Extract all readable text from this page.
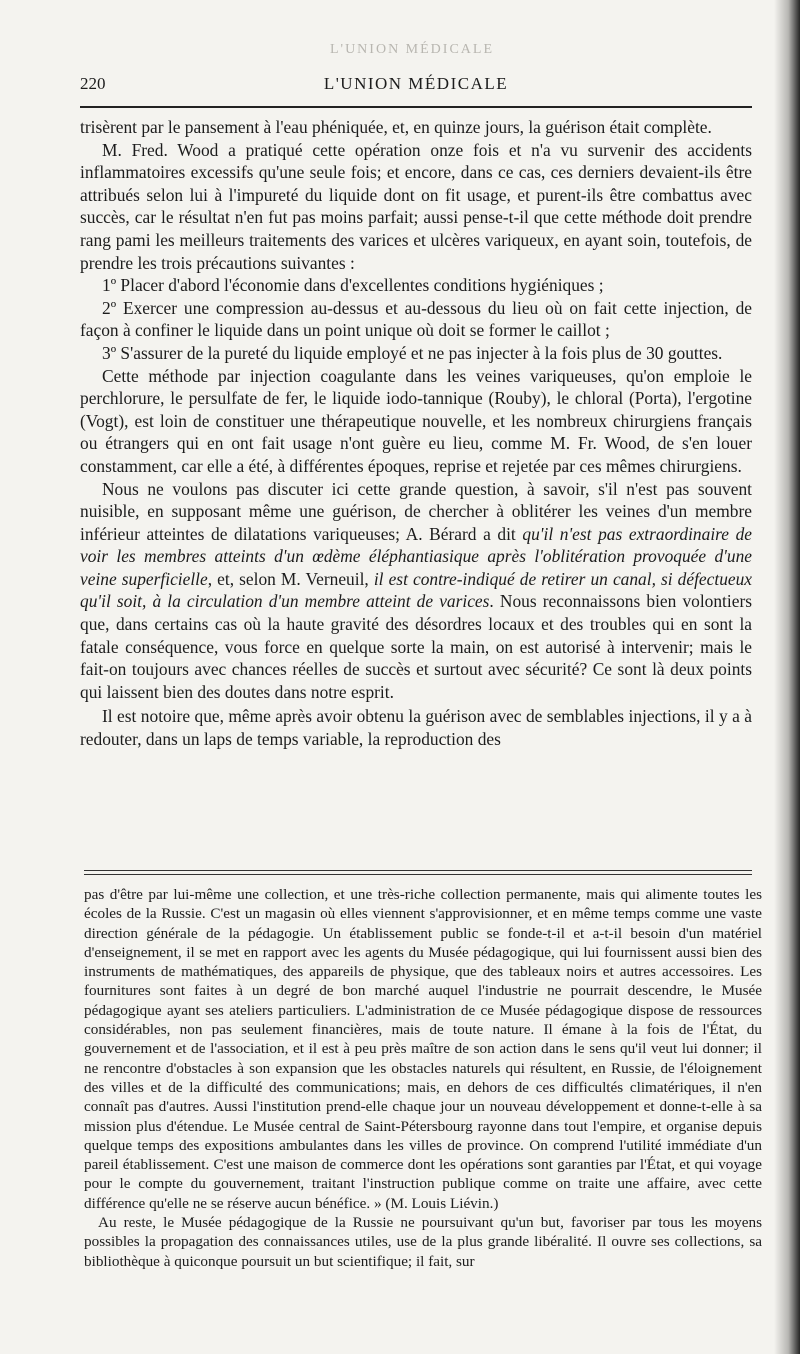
L'UNION MÉDICALE
220	L'UNION MÉDICALE

trisèrent par le pansement à l'eau phéniquée, et, en quinze jours, la guérison était complète.

M. Fred. Wood a pratiqué cette opération onze fois et n'a vu survenir des accidents inflammatoires excessifs qu'une seule fois; et encore, dans ce cas, ces derniers devaient-ils être attribués selon lui à l'impureté du liquide dont on fit usage, et purent-ils être combattus avec succès, car le résultat n'en fut pas moins parfait; aussi pense-t-il que cette méthode doit prendre rang pami les meilleurs traitements des varices et ulcères variqueux, en ayant soin, toutefois, de prendre les trois précautions suivantes :

1º Placer d'abord l'économie dans d'excellentes conditions hygiéniques ;

2º Exercer une compression au-dessus et au-dessous du lieu où on fait cette injection, de façon à confiner le liquide dans un point unique où doit se former le caillot ;

3º S'assurer de la pureté du liquide employé et ne pas injecter à la fois plus de 30 gouttes.

Cette méthode par injection coagulante dans les veines variqueuses, qu'on emploie le perchlorure, le persulfate de fer, le liquide iodo-tannique (Rouby), le chloral (Porta), l'ergotine (Vogt), est loin de constituer une thérapeutique nouvelle, et les nombreux chirurgiens français ou étrangers qui en ont fait usage n'ont guère eu lieu, comme M. Fr. Wood, de s'en louer constamment, car elle a été, à différentes époques, reprise et rejetée par ces mêmes chirurgiens.

Nous ne voulons pas discuter ici cette grande question, à savoir, s'il n'est pas souvent nuisible, en supposant même une guérison, de chercher à oblitérer les veines d'un membre inférieur atteintes de dilatations variqueuses; A. Bérard a dit qu'il n'est pas extraordinaire de voir les membres atteints d'un œdème éléphantiasique après l'oblitération provoquée d'une veine superficielle, et, selon M. Verneuil, il est contre-indiqué de retirer un canal, si défectueux qu'il soit, à la circulation d'un membre atteint de varices. Nous reconnaissons bien volontiers que, dans certains cas où la haute gravité des désordres locaux et des troubles qui en sont la fatale conséquence, vous force en quelque sorte la main, on est autorisé à intervenir; mais le fait-on toujours avec chances réelles de succès et surtout avec sécurité? Ce sont là deux points qui laissent bien des doutes dans notre esprit.

Il est notoire que, même après avoir obtenu la guérison avec de semblables injections, il y a à redouter, dans un laps de temps variable, la reproduction des

pas d'être par lui-même une collection, et une très-riche collection permanente, mais qui alimente toutes les écoles de la Russie. C'est un magasin où elles viennent s'approvisionner, et en même temps comme une vaste direction générale de la pédagogie. Un établissement public se fonde-t-il et a-t-il besoin d'un matériel d'enseignement, il se met en rapport avec les agents du Musée pédagogique, qui lui fournissent aussi bien des instruments de mathématiques, des appareils de physique, que des tableaux noirs et autres accessoires. Les fournitures sont faites à un degré de bon marché auquel l'industrie ne pourrait descendre, le Musée pédagogique ayant ses ateliers particuliers. L'administration de ce Musée pédagogique dispose de ressources considérables, non pas seulement financières, mais de toute nature. Il émane à la fois de l'État, du gouvernement et de l'association, et il est à peu près maître de son action dans le sens qu'il veut lui donner; il ne rencontre d'obstacles à son expansion que les obstacles naturels qui résultent, en Russie, de l'éloignement des villes et de la difficulté des communications; mais, en dehors de ces difficultés climatériques, il n'en connaît pas d'autres. Aussi l'institution prend-elle chaque jour un nouveau développement et donne-t-elle à sa mission plus d'étendue. Le Musée central de Saint-Pétersbourg rayonne dans tout l'empire, et organise depuis quelque temps des expositions ambulantes dans les villes de province. On comprend l'utilité immédiate d'un pareil établissement. C'est une maison de commerce dont les opérations sont garanties par l'État, et qui voyage pour le compte du gouvernement, traitant l'instruction publique comme on traite une affaire, avec cette différence qu'elle ne se réserve aucun bénéfice. » (M. Louis Liévin.)

Au reste, le Musée pédagogique de la Russie ne poursuivant qu'un but, favoriser par tous les moyens possibles la propagation des connaissances utiles, use de la plus grande libéralité. Il ouvre ses collections, sa bibliothèque à quiconque poursuit un but scientifique; il fait, sur
